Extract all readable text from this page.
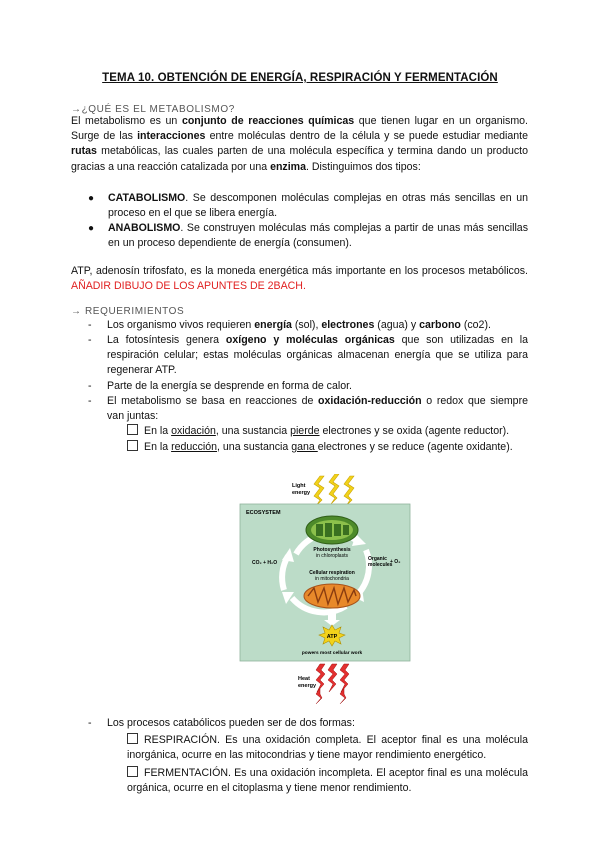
TEMA 10. OBTENCIÓN DE ENERGÍA, RESPIRACIÓN Y FERMENTACIÓN
→¿QUÉ ES EL METABOLISMO?
El metabolismo es un conjunto de reacciones químicas que tienen lugar en un organismo. Surge de las interacciones entre moléculas dentro de la célula y se puede estudiar mediante rutas metabólicas, las cuales parten de una molécula específica y termina dando un producto gracias a una reacción catalizada por una enzima. Distinguimos dos tipos:
● CATABOLISMO. Se descomponen moléculas complejas en otras más sencillas en un proceso en el que se libera energía.
● ANABOLISMO. Se construyen moléculas más complejas a partir de unas más sencillas en un proceso dependiente de energía (consumen).
ATP, adenosín trifosfato, es la moneda energética más importante en los procesos metabólicos. AÑADIR DIBUJO DE LOS APUNTES DE 2BACH.
→ REQUERIMIENTOS
- Los organismo vivos requieren energía (sol), electrones (agua) y carbono (co2).
- La fotosíntesis genera oxígeno y moléculas orgánicas que son utilizadas en la respiración celular; estas moléculas orgánicas almacenan energía que se utiliza para regenerar ATP.
- Parte de la energía se desprende en forma de calor.
- El metabolismo se basa en reacciones de oxidación-reducción o redox que siempre van juntas:
En la oxidación, una sustancia pierde electrones y se oxida (agente reductor).
En la reducción, una sustancia gana electrones y se reduce (agente oxidante).
Light
energy
ECOSYSTEM
Photosynthesis
in chloroplasts
CO₂ + H₂O
Organic
molecules
+ O₂
Cellular respiration
in mitochondria
ATP
powers most cellular work
Heat
energy
- Los procesos catabólicos pueden ser de dos formas:
RESPIRACIÓN. Es una oxidación completa. El aceptor final es una molécula inorgánica, ocurre en las mitocondrias y tiene mayor rendimiento energético.
FERMENTACIÓN. Es una oxidación incompleta. El aceptor final es una molécula orgánica, ocurre en el citoplasma y tiene menor rendimiento.
